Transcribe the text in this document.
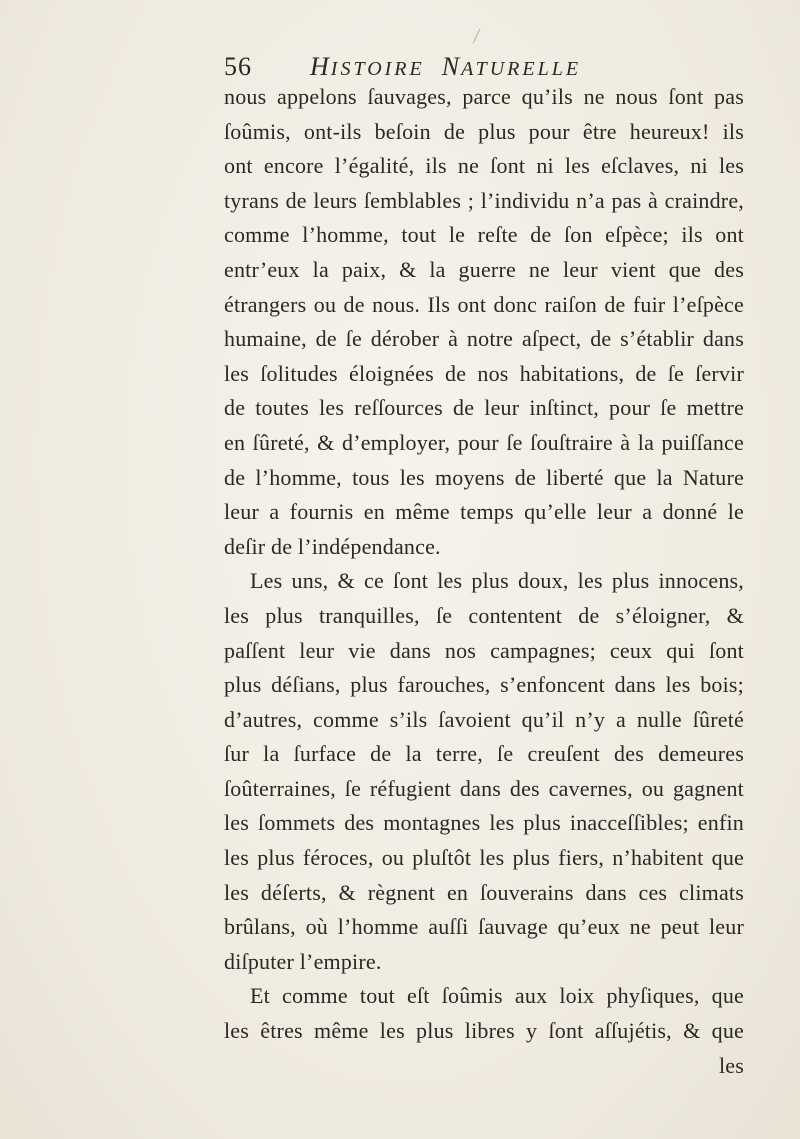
56 HISTOIRE NATURELLE
nous appelons ſauvages, parce qu’ils ne nous ſont pas
ſoûmis, ont-ils beſoin de plus pour être heureux! ils
ont encore l’égalité, ils ne ſont ni les eſclaves, ni les
tyrans de leurs ſemblables ; l’individu n’a pas à craindre,
comme l’homme, tout le reſte de ſon eſpèce; ils ont
entr’eux la paix, & la guerre ne leur vient que des
étrangers ou de nous. Ils ont donc raiſon de fuir l’eſpèce
humaine, de ſe dérober à notre aſpect, de s’établir dans
les ſolitudes éloignées de nos habitations, de ſe ſervir
de toutes les reſſources de leur inſtinct, pour ſe mettre
en ſûreté, & d’employer, pour ſe ſouſtraire à la puiſſance
de l’homme, tous les moyens de liberté que la Nature
leur a fournis en même temps qu’elle leur a donné le
deſir de l’indépendance.
Les uns, & ce ſont les plus doux, les plus innocens,
les plus tranquilles, ſe contentent de s’éloigner, &
paſſent leur vie dans nos campagnes; ceux qui ſont
plus déſians, plus farouches, s’enfoncent dans les bois;
d’autres, comme s’ils ſavoient qu’il n’y a nulle ſûreté
ſur la ſurface de la terre, ſe creuſent des demeures
ſoûterraines, ſe réfugient dans des cavernes, ou gagnent
les ſommets des montagnes les plus inacceſſibles; enfin
les plus féroces, ou pluſtôt les plus fiers, n’habitent que
les déſerts, & règnent en ſouverains dans ces climats
brûlans, où l’homme auſſi ſauvage qu’eux ne peut leur
diſputer l’empire.
Et comme tout eſt ſoûmis aux loix phyſiques, que
les êtres même les plus libres y ſont aſſujétis, & que
les
